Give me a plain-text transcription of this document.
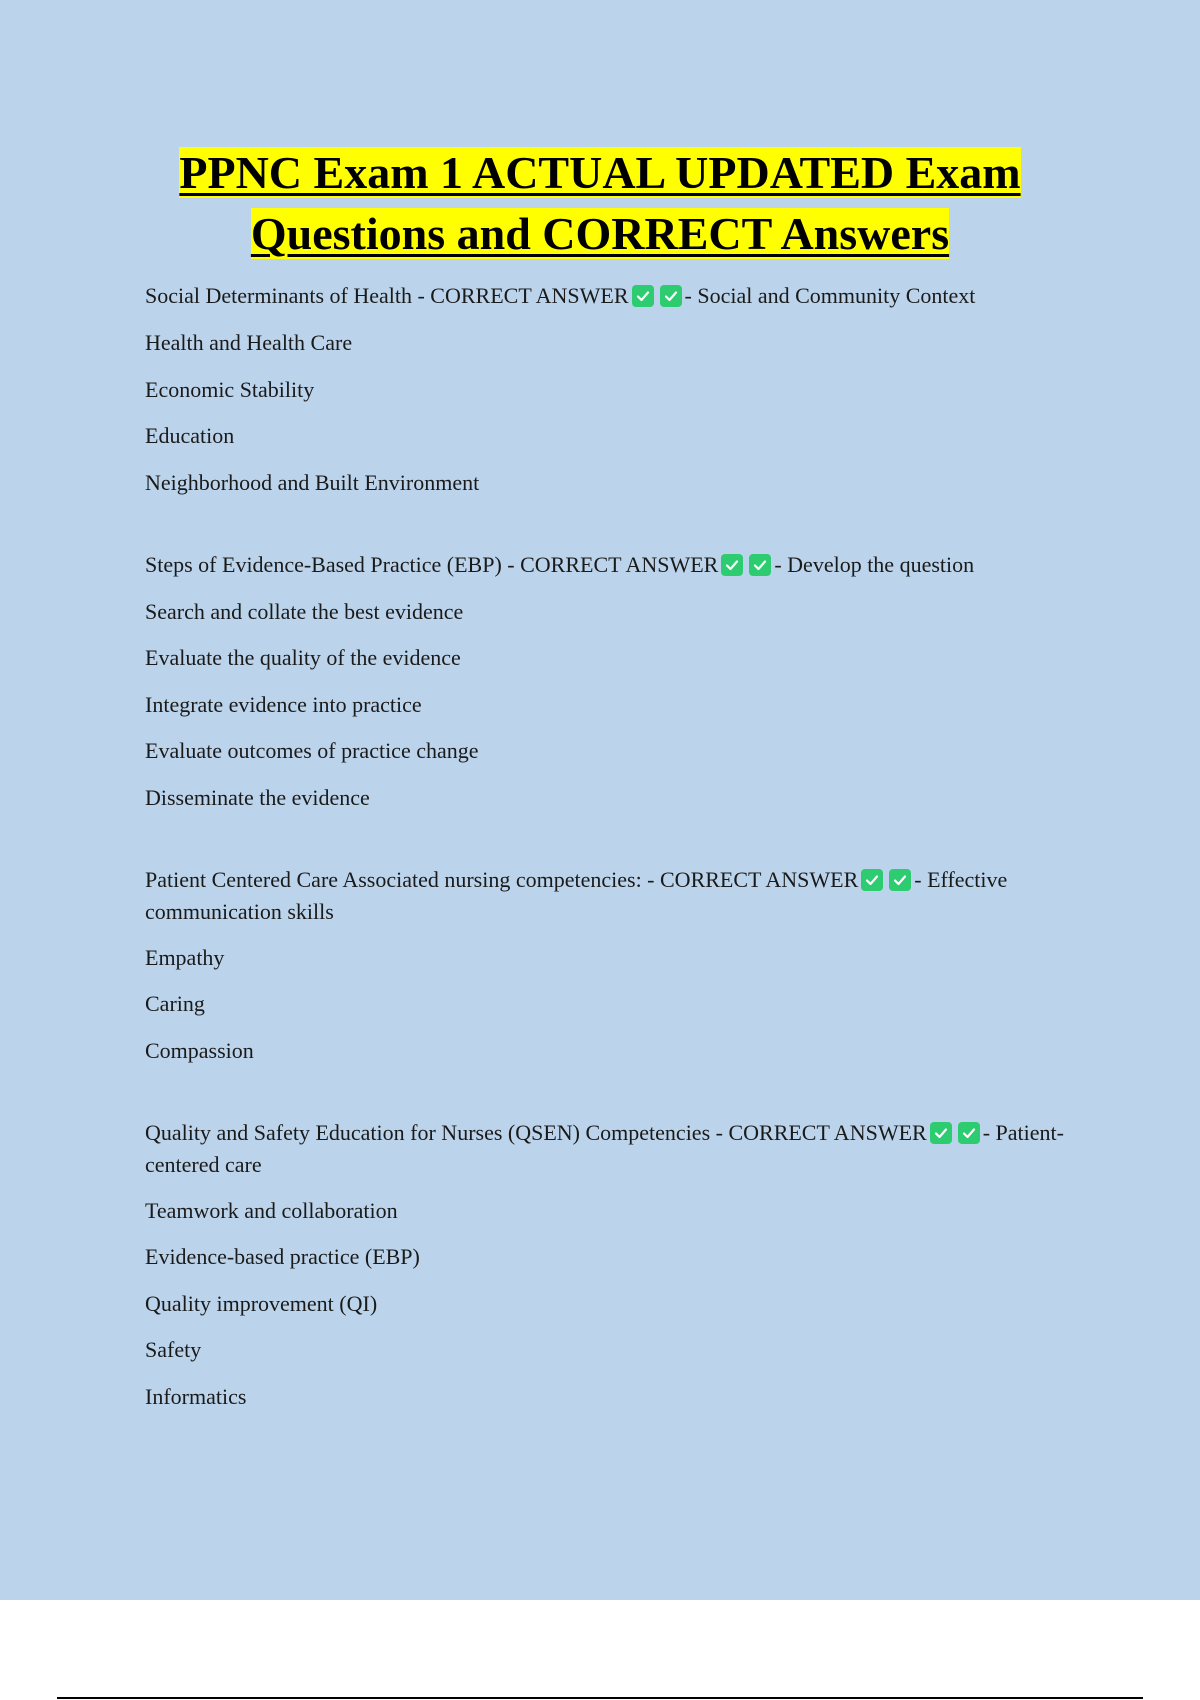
PPNC Exam 1 ACTUAL UPDATED Exam
Questions and CORRECT Answers
Social Determinants of Health - CORRECT ANSWER	- Social and Community Context
Health and Health Care
Economic Stability
Education
Neighborhood and Built Environment
Steps of Evidence-Based Practice (EBP) - CORRECT ANSWER	- Develop the question
Search and collate the best evidence
Evaluate the quality of the evidence
Integrate evidence into practice
Evaluate outcomes of practice change
Disseminate the evidence
Patient Centered Care Associated nursing competencies: - CORRECT ANSWER	- Effective communication skills
Empathy
Caring
Compassion
Quality and Safety Education for Nurses (QSEN) Competencies - CORRECT ANSWER	- Patient-centered care
Teamwork and collaboration
Evidence-based practice (EBP)
Quality improvement (QI)
Safety
Informatics
